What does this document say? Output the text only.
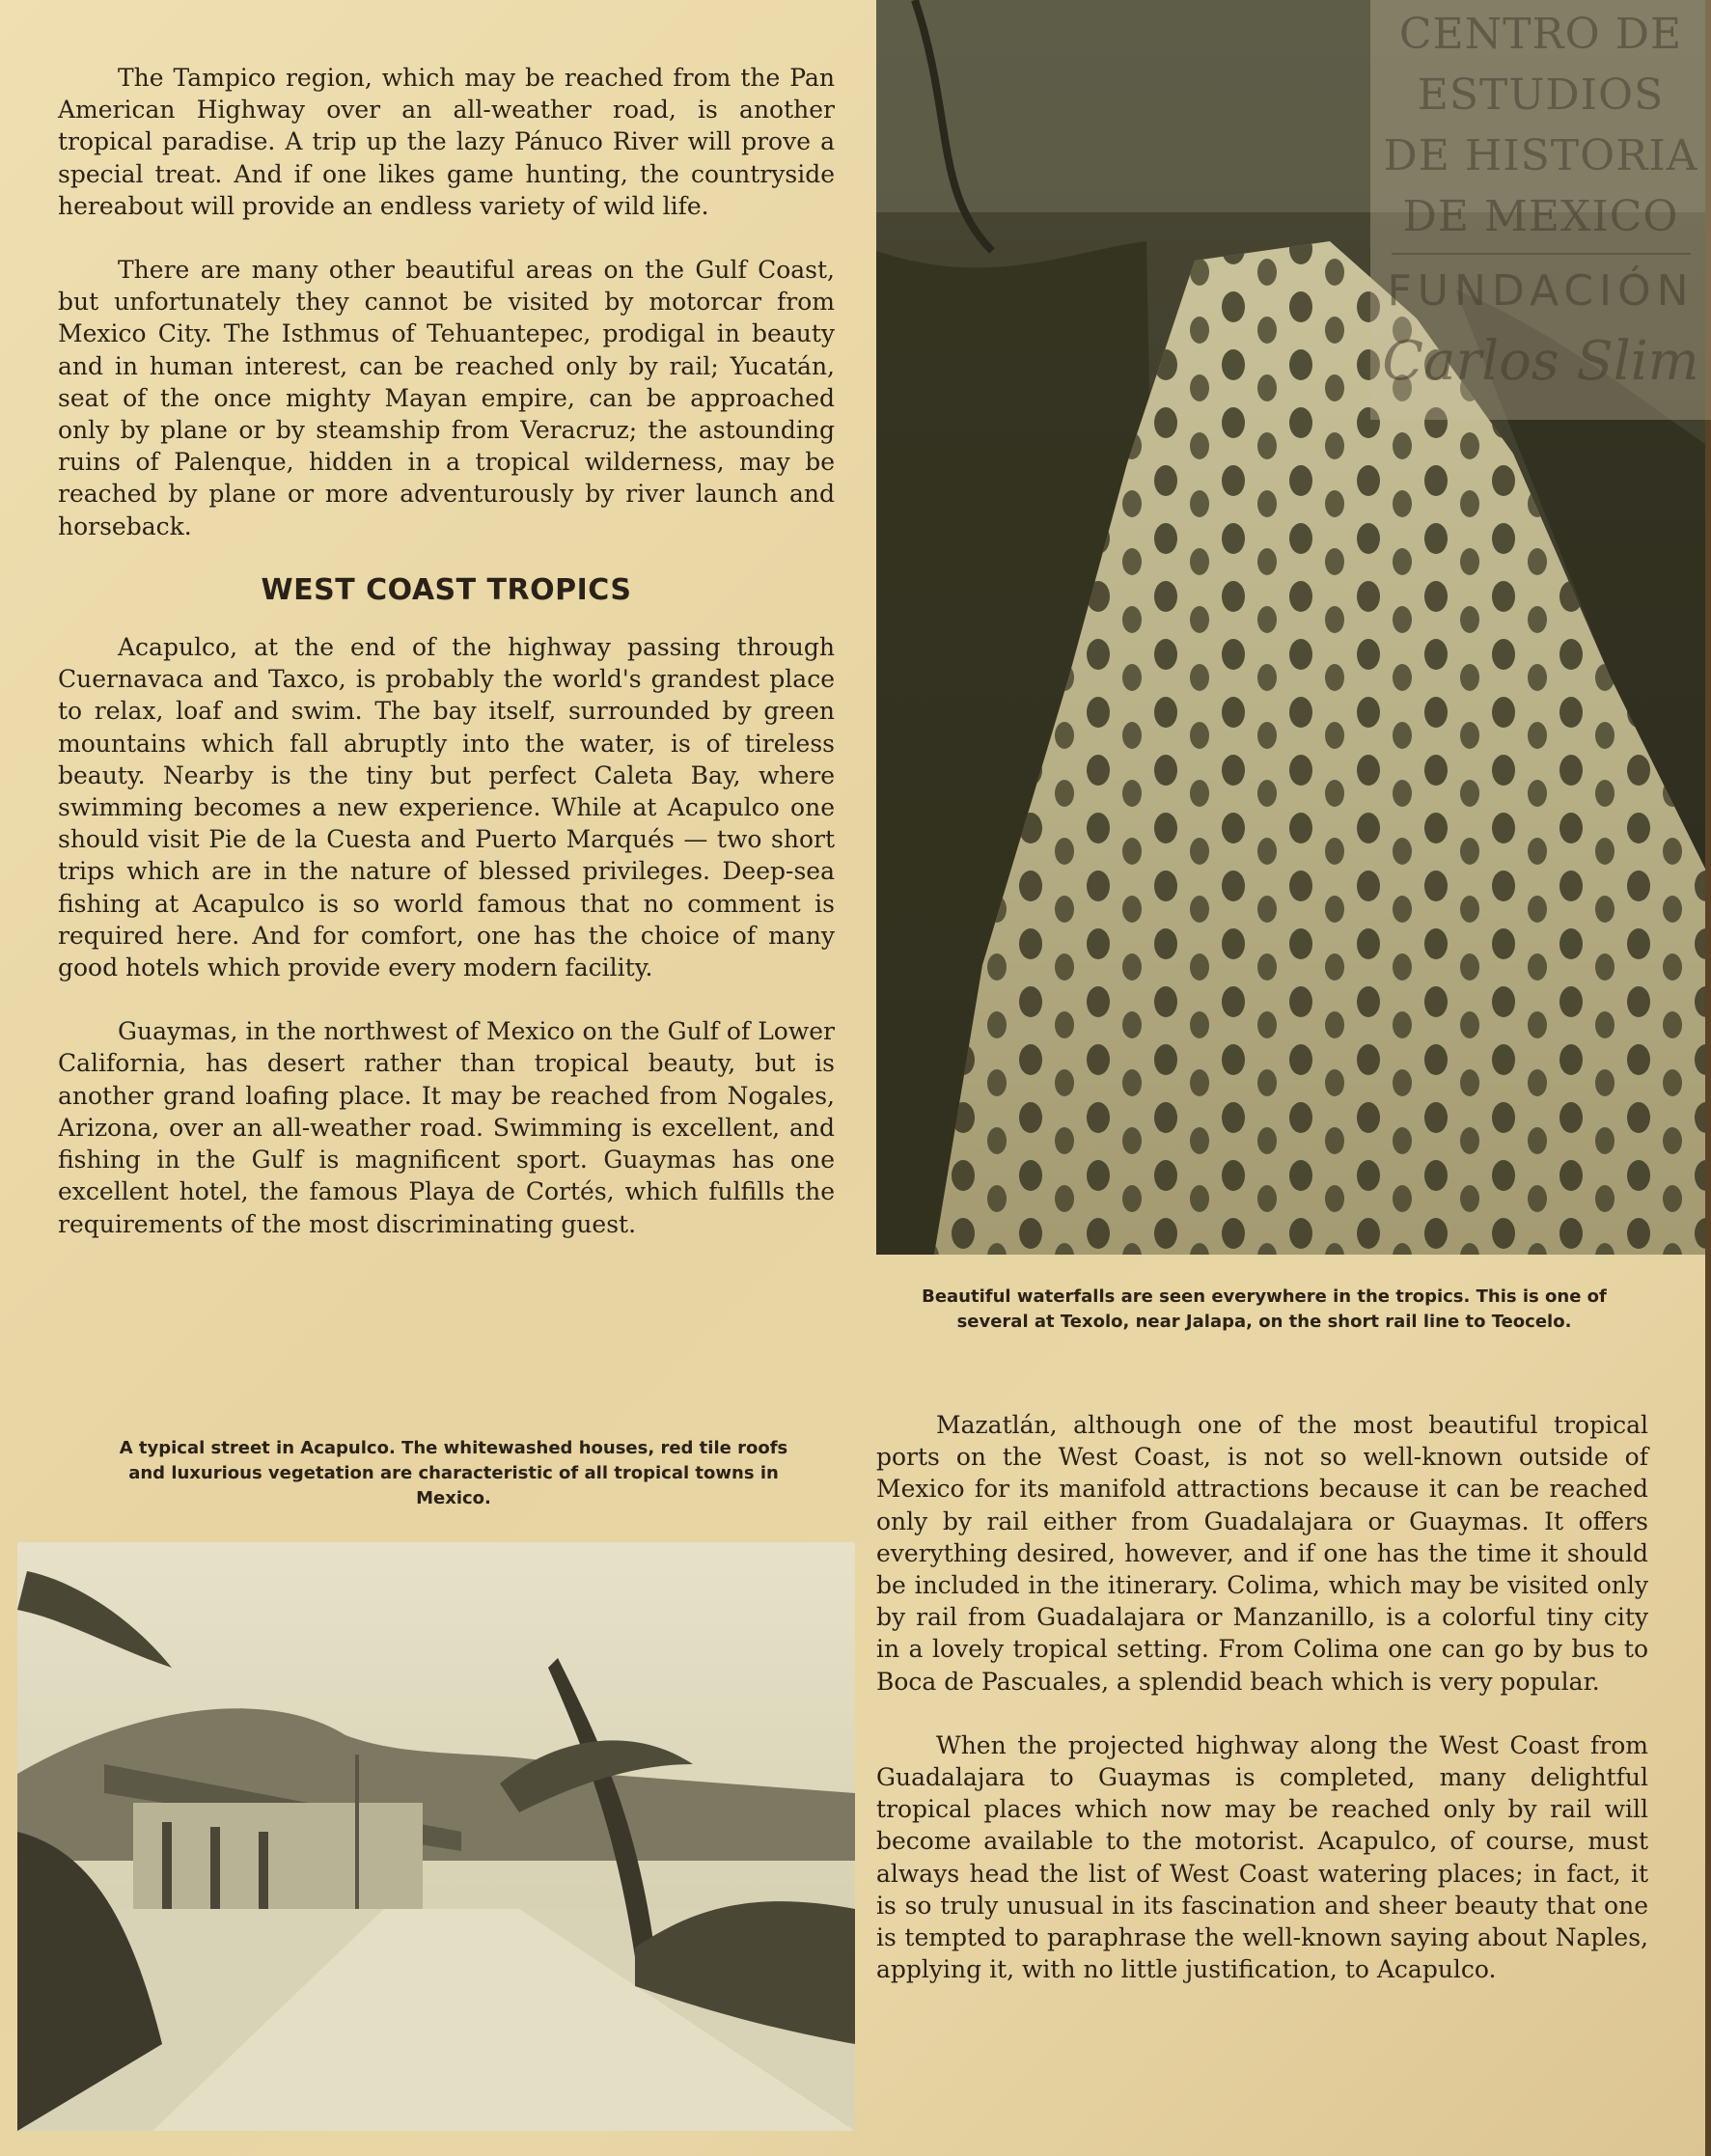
The Tampico region, which may be reached from the Pan American Highway over an all-weather road, is another tropical paradise. A trip up the lazy Pánuco River will prove a special treat. And if one likes game hunting, the countryside hereabout will provide an endless variety of wild life.

There are many other beautiful areas on the Gulf Coast, but unfortunately they cannot be visited by motorcar from Mexico City. The Isthmus of Tehuantepec, prodigal in beauty and in human interest, can be reached only by rail; Yucatán, seat of the once mighty Mayan empire, can be approached only by plane or by steamship from Veracruz; the astounding ruins of Palenque, hidden in a tropical wilderness, may be reached by plane or more adventurously by river launch and horseback.

WEST COAST TROPICS

Acapulco, at the end of the highway passing through Cuernavaca and Taxco, is probably the world's grandest place to relax, loaf and swim. The bay itself, surrounded by green mountains which fall abruptly into the water, is of tireless beauty. Nearby is the tiny but perfect Caleta Bay, where swimming becomes a new experience. While at Acapulco one should visit Pie de la Cuesta and Puerto Marqués — two short trips which are in the nature of blessed privileges. Deep-sea fishing at Acapulco is so world famous that no comment is required here. And for comfort, one has the choice of many good hotels which provide every modern facility.

Guaymas, in the northwest of Mexico on the Gulf of Lower California, has desert rather than tropical beauty, but is another grand loafing place. It may be reached from Nogales, Arizona, over an all-weather road. Swimming is excellent, and fishing in the Gulf is magnificent sport. Guaymas has one excellent hotel, the famous Playa de Cortés, which fulfills the requirements of the most discriminating guest.

CENTRO DE
ESTUDIOS
DE HISTORIA
DE MEXICO
FUNDACIÓN
Carlos Slim
Beautiful waterfalls are seen everywhere in the tropics. This is one of several at Texolo, near Jalapa, on the short rail line to Teocelo.
A typical street in Acapulco. The whitewashed houses, red tile roofs and luxurious vegetation are characteristic of all tropical towns in Mexico.

Mazatlán, although one of the most beautiful tropical ports on the West Coast, is not so well-known outside of Mexico for its manifold attractions because it can be reached only by rail either from Guadalajara or Guaymas. It offers everything desired, however, and if one has the time it should be included in the itinerary. Colima, which may be visited only by rail from Guadalajara or Manzanillo, is a colorful tiny city in a lovely tropical setting. From Colima one can go by bus to Boca de Pascuales, a splendid beach which is very popular.

When the projected highway along the West Coast from Guadalajara to Guaymas is completed, many delightful tropical places which now may be reached only by rail will become available to the motorist. Acapulco, of course, must always head the list of West Coast watering places; in fact, it is so truly unusual in its fascination and sheer beauty that one is tempted to paraphrase the well-known saying about Naples, applying it, with no little justification, to Acapulco.
